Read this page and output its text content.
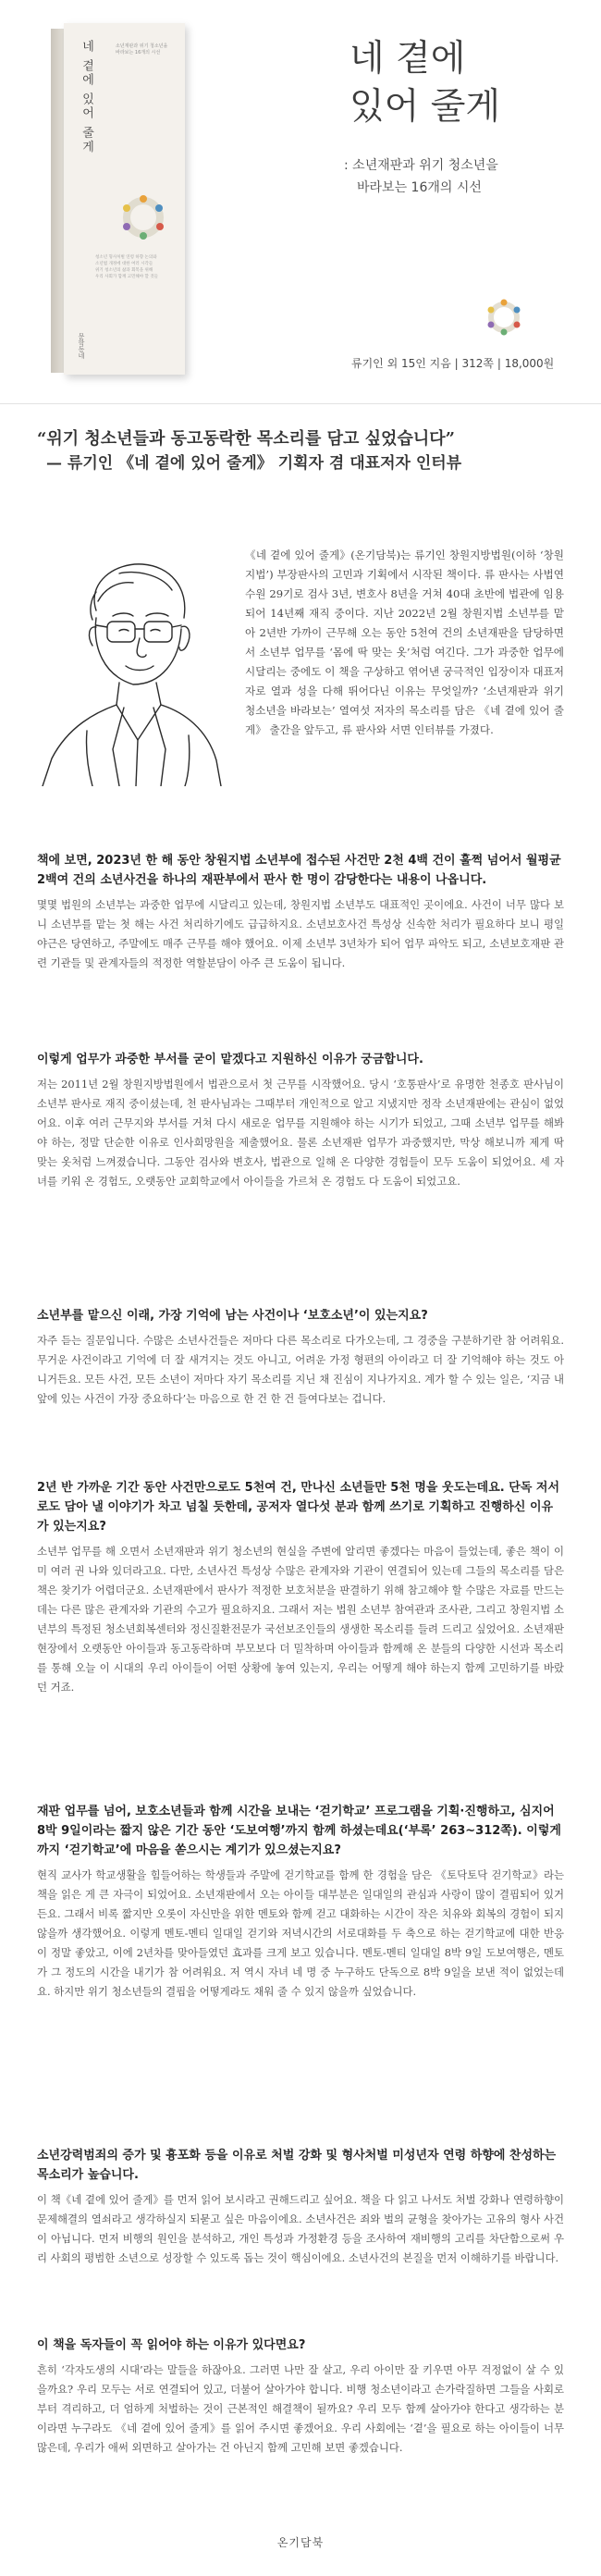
네 곁에 있어 줄게	소년재판과 위기 청소년을 바라보는 16개의 시선
청소년 형사처벌 연령 하향 논의와
소년법 개정에 대한 여러 시각들
위기 청소년의 삶과 회복을 위해
우리 사회가 함께 고민해야 할 것들
문학동네
네 곁에
있어 줄게
: 소년재판과 위기 청소년을
바라보는 16개의 시선
류기인 외 15인 지음 | 312쪽 | 18,000원
“위기 청소년들과 동고동락한 목소리를 담고 싶었습니다”
— 류기인 《네 곁에 있어 줄게》 기획자 겸 대표저자 인터뷰

《네 곁에 있어 줄게》(온기담북)는 류기인 창원지방법원(이하 ‘창원지법’) 부장판사의 고민과 기획에서 시작된 책이다. 류 판사는 사법연수원 29기로 검사 3년, 변호사 8년을 거쳐 40대 초반에 법관에 임용되어 14년째 재직 중이다. 지난 2022년 2월 창원지법 소년부를 맡아 2년반 가까이 근무해 오는 동안 5천여 건의 소년재판을 담당하면서 소년부 업무를 ‘몸에 딱 맞는 옷’처럼 여긴다. 그가 과중한 업무에 시달리는 중에도 이 책을 구상하고 엮어낸 궁극적인 입장이자 대표저자로 열과 성을 다해 뛰어다닌 이유는 무엇일까? ‘소년재판과 위기 청소년을 바라보는’ 열여섯 저자의 목소리를 담은 《네 곁에 있어 줄게》 출간을 앞두고, 류 판사와 서면 인터뷰를 가졌다.

책에 보면, 2023년 한 해 동안 창원지법 소년부에 접수된 사건만 2천 4백 건이 훌쩍 넘어서 월평균 2백여 건의 소년사건을 하나의 재판부에서 판사 한 명이 감당한다는 내용이 나옵니다.

몇몇 법원의 소년부는 과중한 업무에 시달리고 있는데, 창원지법 소년부도 대표적인 곳이에요. 사건이 너무 많다 보니 소년부를 맡는 첫 해는 사건 처리하기에도 급급하지요. 소년보호사건 특성상 신속한 처리가 필요하다 보니 평일 야근은 당연하고, 주말에도 매주 근무를 해야 했어요. 이제 소년부 3년차가 되어 업무 파악도 되고, 소년보호재판 관련 기관들 및 관계자들의 적정한 역할분담이 아주 큰 도움이 됩니다.

이렇게 업무가 과중한 부서를 굳이 맡겠다고 지원하신 이유가 궁금합니다.

저는 2011년 2월 창원지방법원에서 법관으로서 첫 근무를 시작했어요. 당시 ‘호통판사’로 유명한 천종호 판사님이 소년부 판사로 재직 중이셨는데, 천 판사님과는 그때부터 개인적으로 알고 지냈지만 정작 소년재판에는 관심이 없었어요. 이후 여러 근무지와 부서를 거쳐 다시 새로운 업무를 지원해야 하는 시기가 되었고, 그때 소년부 업무를 해봐야 하는, 정말 단순한 이유로 인사희망원을 제출했어요. 물론 소년재판 업무가 과중했지만, 막상 해보니까 제게 딱 맞는 옷처럼 느껴졌습니다. 그동안 검사와 변호사, 법관으로 일해 온 다양한 경험들이 모두 도움이 되었어요. 세 자녀를 키워 온 경험도, 오랫동안 교회학교에서 아이들을 가르쳐 온 경험도 다 도움이 되었고요.

소년부를 맡으신 이래, 가장 기억에 남는 사건이나 ‘보호소년’이 있는지요?

자주 듣는 질문입니다. 수많은 소년사건들은 저마다 다른 목소리로 다가오는데, 그 경중을 구분하기란 참 어려워요. 무거운 사건이라고 기억에 더 잘 새겨지는 것도 아니고, 어려운 가정 형편의 아이라고 더 잘 기억해야 하는 것도 아니거든요. 모든 사건, 모든 소년이 저마다 자기 목소리를 지닌 채 진심이 지나가지요. 계가 할 수 있는 일은, ‘지금 내 앞에 있는 사건이 가장 중요하다’는 마음으로 한 건 한 건 들여다보는 겁니다.

2년 반 가까운 기간 동안 사건만으로도 5천여 건, 만나신 소년들만 5천 명을 웃도는데요. 단독 저서로도 담아 낼 이야기가 차고 넘칠 듯한데, 공저자 열다섯 분과 함께 쓰기로 기획하고 진행하신 이유가 있는지요?

소년부 업무를 해 오면서 소년재판과 위기 청소년의 현실을 주변에 알리면 좋겠다는 마음이 들었는데, 좋은 책이 이미 여러 권 나와 있더라고요. 다만, 소년사건 특성상 수많은 관계자와 기관이 연결되어 있는데 그들의 목소리를 담은 책은 찾기가 어렵더군요. 소년재판에서 판사가 적정한 보호처분을 판결하기 위해 참고해야 할 수많은 자료를 만드는 데는 다른 많은 관계자와 기관의 수고가 필요하지요. 그래서 저는 법원 소년부 참여관과 조사관, 그리고 창원지법 소년부의 특정된 청소년회복센터와 정신질환전문가 국선보조인들의 생생한 목소리를 들려 드리고 싶었어요. 소년재판 현장에서 오랫동안 아이들과 동고동락하며 부모보다 더 밀착하며 아이들과 함께해 온 분들의 다양한 시선과 목소리를 통해 오늘 이 시대의 우리 아이들이 어떤 상황에 놓여 있는지, 우리는 어떻게 해야 하는지 함께 고민하기를 바랐던 거죠.

재판 업무를 넘어, 보호소년들과 함께 시간을 보내는 ‘걷기학교’ 프로그램을 기획·진행하고, 심지어 8박 9일이라는 짧지 않은 기간 동안 ‘도보여행’까지 함께 하셨는데요(‘부록’ 263~312쪽). 이렇게까지 ‘걷기학교’에 마음을 쏟으시는 계기가 있으셨는지요?

현직 교사가 학교생활을 힘들어하는 학생들과 주말에 걷기학교를 함께 한 경험을 담은 《토닥토닥 걷기학교》라는 책을 읽은 게 큰 자극이 되었어요. 소년재판에서 오는 아이들 대부분은 일대일의 관심과 사랑이 많이 결핍되어 있거든요. 그래서 비록 짧지만 오롯이 자신만을 위한 멘토와 함께 걷고 대화하는 시간이 작은 치유와 회복의 경험이 되지 않을까 생각했어요. 이렇게 멘토-멘티 일대일 걷기와 저녁시간의 서로대화를 두 축으로 하는 걷기학교에 대한 반응이 정말 좋았고, 이에 2년차를 맞아들였던 효과를 크게 보고 있습니다. 멘토-멘티 일대일 8박 9일 도보여행은, 멘토가 그 정도의 시간을 내기가 참 어려워요. 저 역시 자녀 네 명 중 누구하도 단독으로 8박 9일을 보낸 적이 없었는데요. 하지만 위기 청소년들의 결핍을 어떻게라도 채워 줄 수 있지 않을까 싶었습니다.

소년강력범죄의 증가 및 흉포화 등을 이유로 처벌 강화 및 형사처벌 미성년자 연령 하향에 찬성하는 목소리가 높습니다.

이 책《네 곁에 있어 줄게》를 먼저 읽어 보시라고 권해드리고 싶어요. 책을 다 읽고 나서도 처벌 강화나 연령하향이 문제해결의 열쇠라고 생각하실지 되묻고 싶은 마음이에요. 소년사건은 죄와 벌의 균형을 찾아가는 고유의 형사 사건이 아닙니다. 먼저 비행의 원인을 분석하고, 개인 특성과 가정환경 등을 조사하여 재비행의 고리를 차단함으로써 우리 사회의 평범한 소년으로 성장할 수 있도록 돕는 것이 핵심이에요. 소년사건의 본질을 먼저 이해하기를 바랍니다.

이 책을 독자들이 꼭 읽어야 하는 이유가 있다면요?

흔히 ‘각자도생의 시대’라는 말들을 하잖아요. 그러면 나만 잘 살고, 우리 아이만 잘 키우면 아무 걱정없이 살 수 있을까요? 우리 모두는 서로 연결되어 있고, 더불어 살아가야 합니다. 비행 청소년이라고 손가락질하면 그들을 사회로부터 격리하고, 더 엄하게 처벌하는 것이 근본적인 해결책이 될까요? 우리 모두 함께 살아가야 한다고 생각하는 분이라면 누구라도 《네 곁에 있어 줄게》를 읽어 주시면 좋겠어요. 우리 사회에는 ‘곁’을 필요로 하는 아이들이 너무 많은데, 우리가 애써 외면하고 살아가는 건 아닌지 함께 고민해 보면 좋겠습니다.

온기담북
